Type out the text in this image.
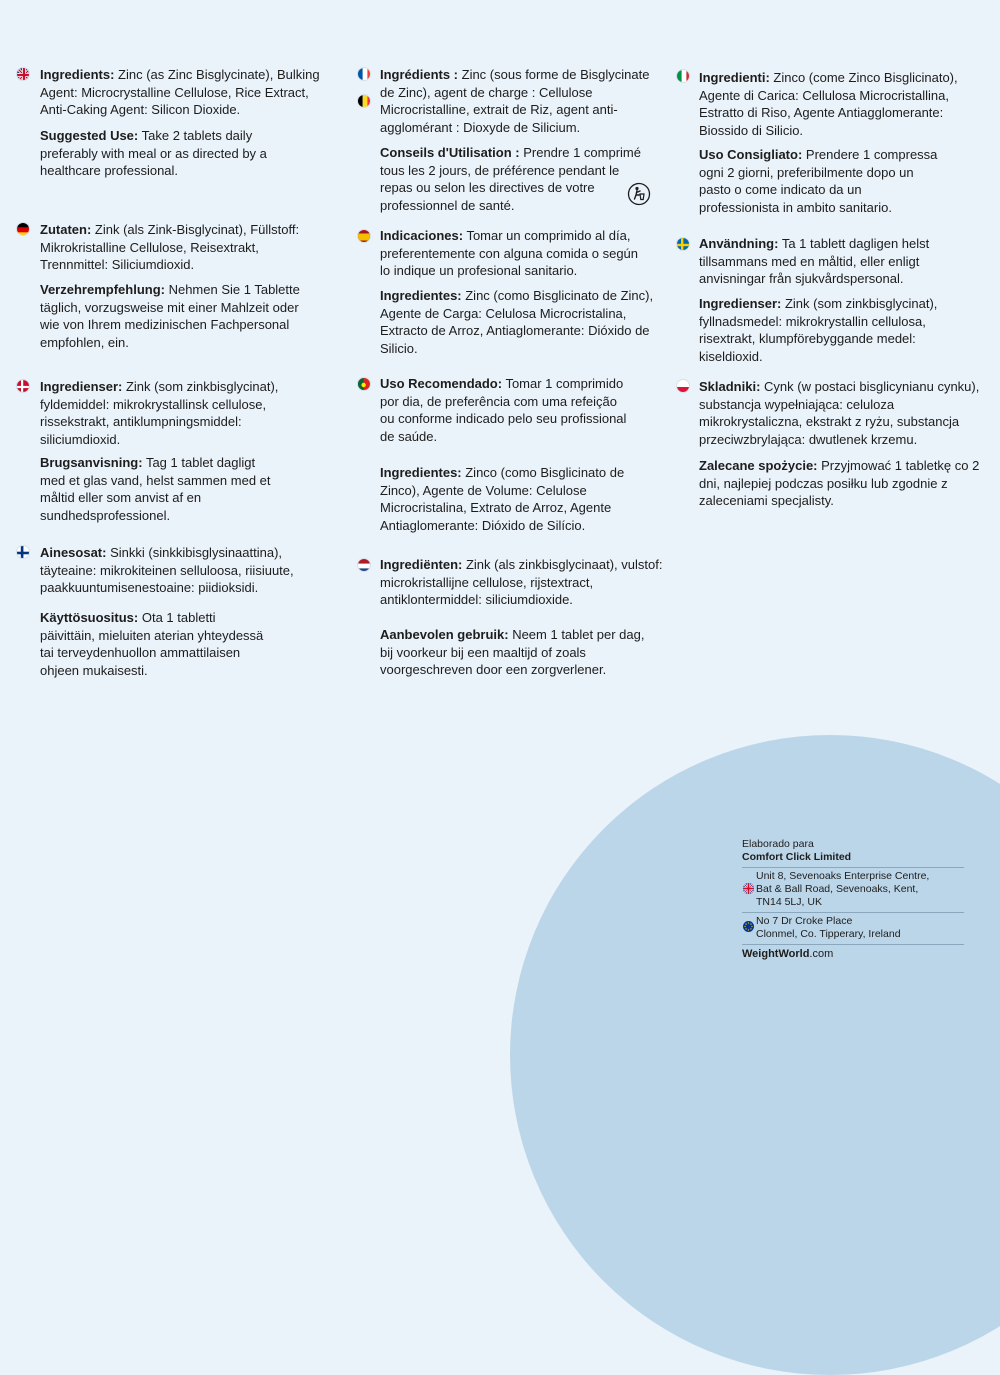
Ingredients: Zinc (as Zinc Bisglycinate), Bulking Agent: Microcrystalline Cellulose, Rice Extract, Anti-Caking Agent: Silicon Dioxide.

Suggested Use: Take 2 tablets daily preferably with meal or as directed by a healthcare professional.

Zutaten: Zink (als Zink-Bisglycinat), Füllstoff: Mikrokristalline Cellulose, Reisextrakt, Trennmittel: Siliciumdioxid.

Verzehrempfehlung: Nehmen Sie 1 Tablette täglich, vorzugsweise mit einer Mahlzeit oder wie von Ihrem medizinischen Fachpersonal empfohlen, ein.

Ingredienser: Zink (som zinkbisglycinat), fyldemiddel: mikrokrystallinsk cellulose, rissekstrakt, antiklumpningsmiddel: siliciumdioxid.

Brugsanvisning: Tag 1 tablet dagligt med et glas vand, helst sammen med et måltid eller som anvist af en sundhedsprofessionel.

Ainesosat: Sinkki (sinkkibisglysinaattina), täyteaine: mikrokiteinen selluloosa, riisiuute, paakkuuntumisenestoaine: piidioksidi.

Käyttösuositus: Ota 1 tabletti päivittäin, mieluiten aterian yhteydessä tai terveydenhuollon ammattilaisen ohjeen mukaisesti.

Ingrédients : Zinc (sous forme de Bisglycinate de Zinc), agent de charge : Cellulose Microcristalline, extrait de Riz, agent anti-agglomérant : Dioxyde de Silicium.

Conseils d'Utilisation : Prendre 1 comprimé tous les 2 jours, de préférence pendant le repas ou selon les directives de votre professionnel de santé.

Indicaciones: Tomar un comprimido al día, preferentemente con alguna comida o según lo indique un profesional sanitario.

Ingredientes: Zinc (como Bisglicinato de Zinc), Agente de Carga: Celulosa Microcristalina, Extracto de Arroz, Antiaglomerante: Dióxido de Silicio.

Uso Recomendado: Tomar 1 comprimido por dia, de preferência com uma refeição ou conforme indicado pelo seu profissional de saúde.

Ingredientes: Zinco (como Bisglicinato de Zinco), Agente de Volume: Celulose Microcristalina, Extrato de Arroz, Agente Antiaglomerante: Dióxido de Silício.

Ingrediënten: Zink (als zinkbisglycinaat), vulstof: microkristallijne cellulose, rijstextract, antiklontermiddel: siliciumdioxide.

Aanbevolen gebruik: Neem 1 tablet per dag, bij voorkeur bij een maaltijd of zoals voorgeschreven door een zorgverlener.

Ingredienti: Zinco (come Zinco Bisglicinato), Agente di Carica: Cellulosa Microcristallina, Estratto di Riso, Agente Antiagglomerante: Biossido di Silicio.

Uso Consigliato: Prendere 1 compressa ogni 2 giorni, preferibilmente dopo un pasto o come indicato da un professionista in ambito sanitario.

Användning: Ta 1 tablett dagligen helst tillsammans med en måltid, eller enligt anvisningar från sjukvårdspersonal.

Ingredienser: Zink (som zinkbisglycinat), fyllnadsmedel: mikrokrystallin cellulosa, risextrakt, klumpförebyggande medel: kiseldioxid.

Skladniki: Cynk (w postaci bisglicynianu cynku), substancja wypełniająca: celuloza mikrokrystaliczna, ekstrakt z ryżu, substancja przeciwzbrylająca: dwutlenek krzemu.

Zalecane spożycie: Przyjmować 1 tabletkę co 2 dni, najlepiej podczas posiłku lub zgodnie z zaleceniami specjalisty.

Elaborado para
Comfort Click Limited
Unit 8, Sevenoaks Enterprise Centre,
Bat & Ball Road, Sevenoaks, Kent,
TN14 5LJ, UK
No 7 Dr Croke Place
Clonmel, Co. Tipperary, Ireland
WeightWorld.com
